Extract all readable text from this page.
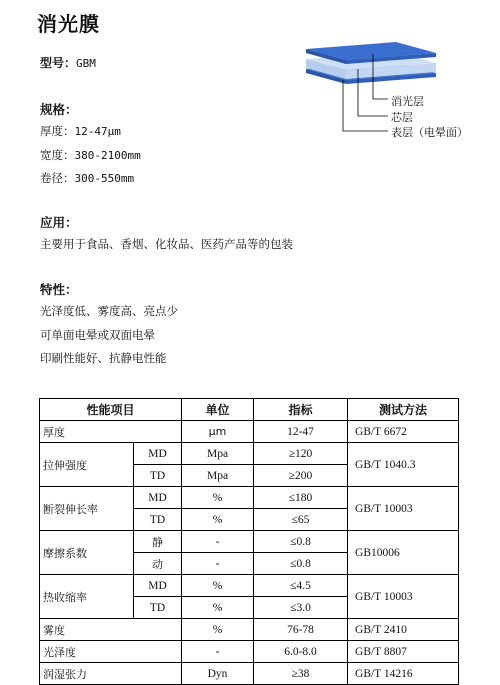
消光膜
型号：GBM
规格：
厚度：12-47μm
宽度：380-2100mm
卷径：300-550mm
应用：
主要用于食品、香烟、化妆品、医药产品等的包装
特性：
光泽度低、雾度高、亮点少
可单面电晕或双面电晕
印刷性能好、抗静电性能
消光层
芯层
表层（电晕面）
性能项目		单位	指标	测试方法
厚度		μm	12-47	GB/T 6672
拉伸强度	MD	Mpa	≥120	GB/T 1040.3
	TD	Mpa	≥200	
断裂伸长率	MD	%	≤180	GB/T 10003
	TD	%	≤65	
摩擦系数	静	-	≤0.8	GB10006
	动	-	≤0.8	
热收缩率	MD	%	≤4.5	GB/T 10003
	TD	%	≤3.0	
雾度		%	76-78	GB/T 2410
光泽度		-	6.0-8.0	GB/T 8807
润湿张力		Dyn	≥38	GB/T 14216
